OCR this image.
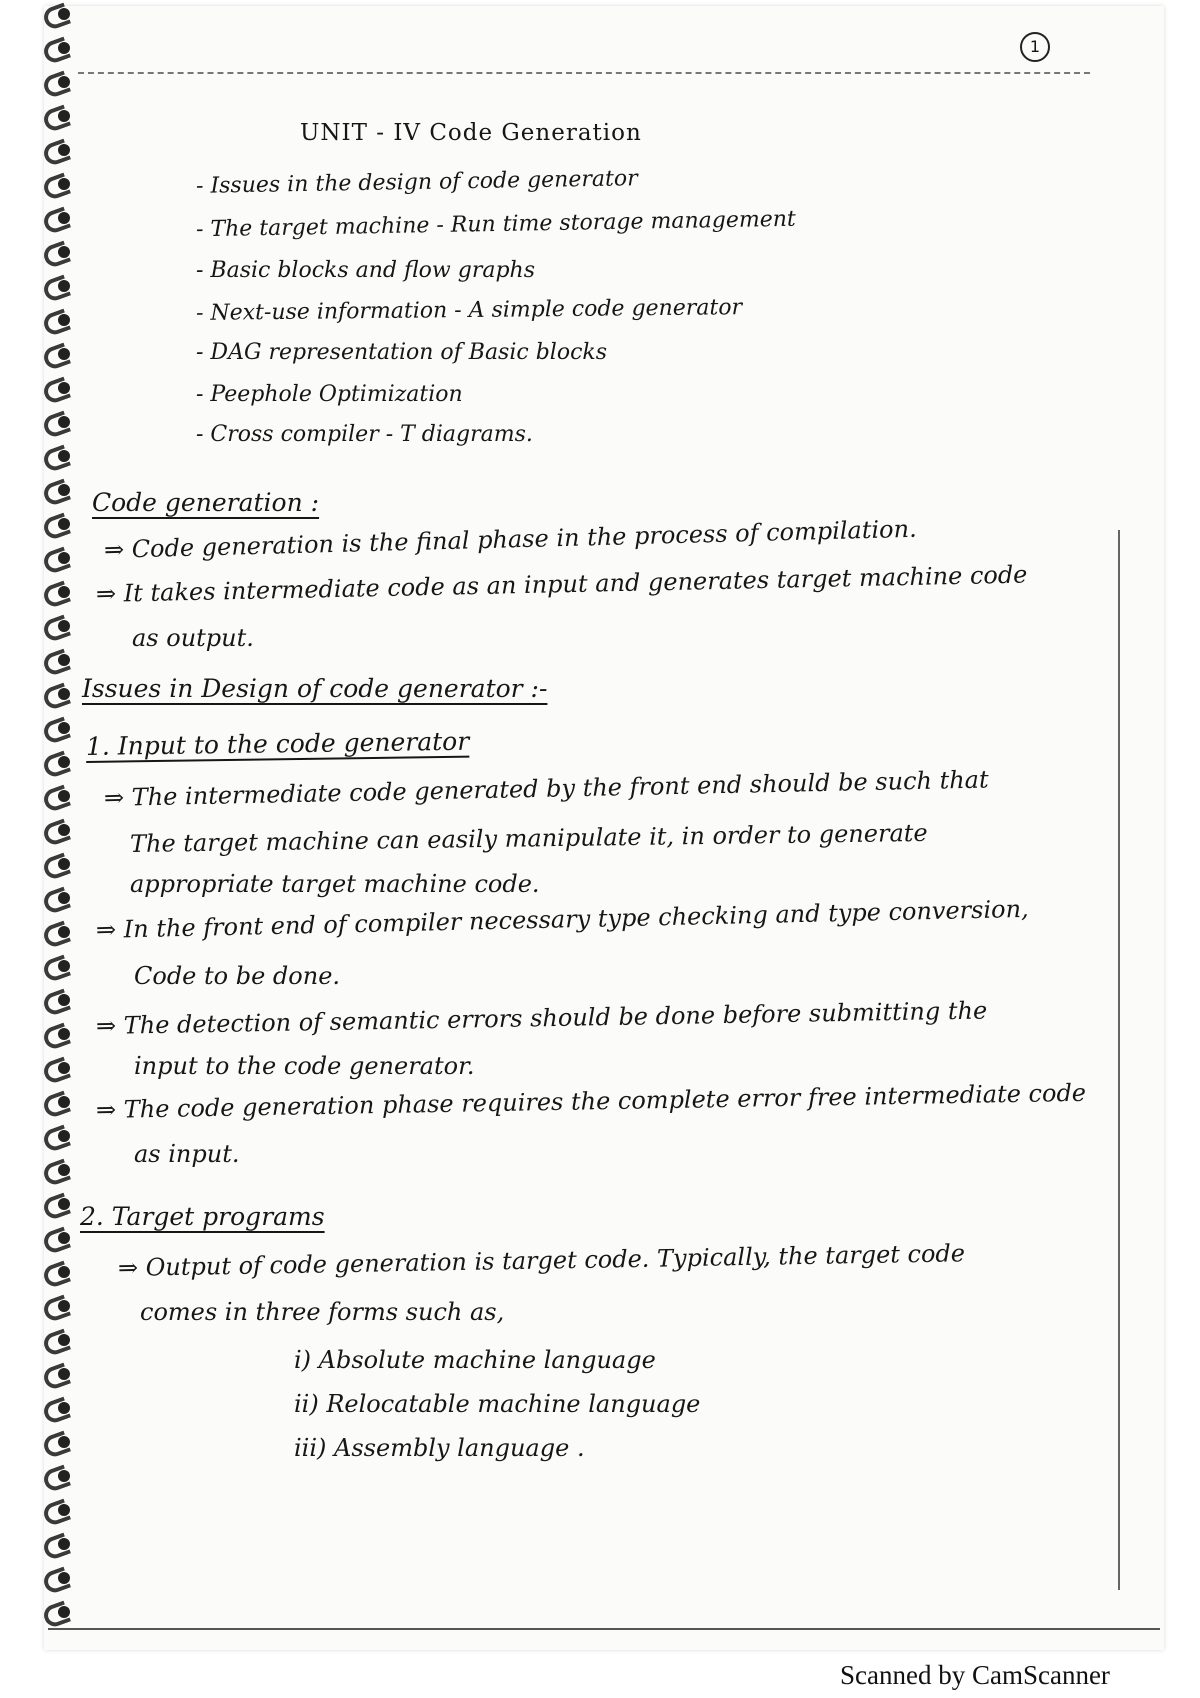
1
UNIT - IV Code Generation
- Issues in the design of code generator
- The target machine - Run time storage management
- Basic blocks and flow graphs
- Next-use information - A simple code generator
- DAG representation of Basic blocks
- Peephole Optimization
- Cross compiler - T diagrams.
Code generation :
⇒ Code generation is the final phase in the process of compilation.
⇒ It takes intermediate code as an input and generates target machine code
as output.
Issues in Design of code generator :-
1. Input to the code generator
⇒ The intermediate code generated by the front end should be such that
The target machine can easily manipulate it, in order to generate
appropriate target machine code.
⇒ In the front end of compiler necessary type checking and type conversion,
Code to be done.
⇒ The detection of semantic errors should be done before submitting the
input to the code generator.
⇒ The code generation phase requires the complete error free intermediate code
as input.
2. Target programs
⇒ Output of code generation is target code. Typically, the target code
comes in three forms such as,
i) Absolute machine language
ii) Relocatable machine language
iii) Assembly language .
Scanned by CamScanner
